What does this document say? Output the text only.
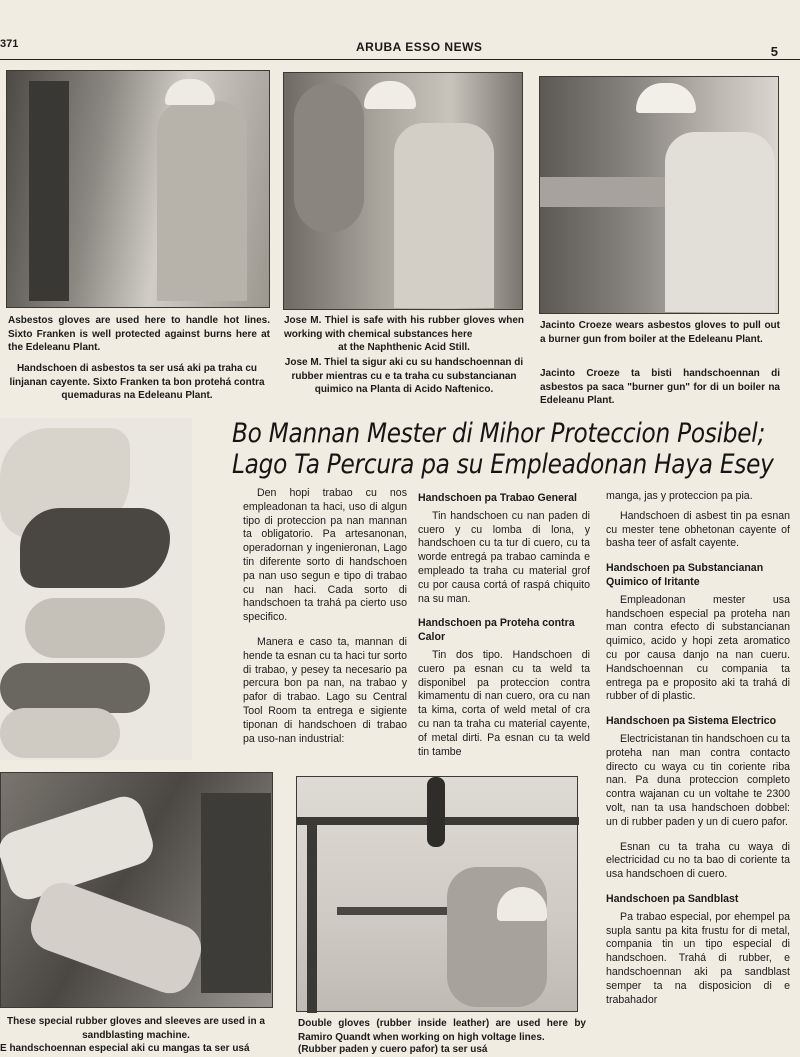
371	ARUBA ESSO NEWS	5
Asbestos gloves are used here to handle hot lines. Sixto Franken is well protected against burns here at the Edeleanu Plant.
Handschoen di asbestos ta ser usá aki pa traha cu linjanan cayente. Sixto Franken ta bon protehá contra quemaduras na Edeleanu Plant.
Jose M. Thiel is safe with his rubber gloves when working with chemical substances here
at the Naphthenic Acid Still.
Jose M. Thiel ta sigur aki cu su handschoennan di rubber mientras cu e ta traha cu substancianan quimico na Planta di Acido Naftenico.
Jacinto Croeze wears asbestos gloves to pull out a burner gun from boiler at the Edeleanu Plant.
Jacinto Croeze ta bisti handschoennan di asbestos pa saca "burner gun" for di un boiler na Edeleanu Plant.
Bo Mannan Mester di Mihor Proteccion Posibel;
Lago Ta Percura pa su Empleadonan Haya Esey

Den hopi trabao cu nos empleadonan ta haci, uso di algun tipo di proteccion pa nan mannan ta obligatorio. Pa artesanonan, operadornan y ingenieronan, Lago tin diferente sorto di handschoen pa nan uso segun e tipo di trabao cu nan haci. Cada sorto di handschoen ta trahá pa cierto uso specifico.

Manera e caso ta, mannan di hende ta esnan cu ta haci tur sorto di trabao, y pesey ta necesario pa percura bon pa nan, na trabao y pafor di trabao. Lago su Central Tool Room ta entrega e sigiente tiponan di handschoen di trabao pa uso-nan industrial:

Handschoen pa Trabao General

Tin handschoen cu nan paden di cuero y cu lomba di lona, y handschoen cu ta tur di cuero, cu ta worde entregá pa trabao caminda e empleado ta traha cu material grof cu por causa cortá of raspá chiquito na su man.

Handschoen pa Proteha contra Calor

Tin dos tipo. Handschoen di cuero pa esnan cu ta weld ta disponibel pa proteccion contra kimamentu di nan cuero, ora cu nan ta kima, corta of weld metal of cra cu nan ta traha cu material cayente, of metal dirti. Pa esnan cu ta weld tin tambe

manga, jas y proteccion pa pia.

Handschoen di asbest tin pa esnan cu mester tene obhetonan cayente of basha teer of asfalt cayente.

Handschoen pa Substancianan Quimico of Iritante

Empleadonan mester usa handschoen especial pa proteha nan man contra efecto di substancianan quimico, acido y hopi zeta aromatico cu por causa danjo na nan cueru. Handschoennan cu compania ta entrega pa e proposito aki ta trahá di rubber of di plastic.

Handschoen pa Sistema Electrico

Electricistanan tin handschoen cu ta proteha nan man contra contacto directo cu waya cu tin coriente riba nan. Pa duna proteccion completo contra wajanan cu un voltahe te 2300 volt, nan ta usa handschoen dobbel: un di rubber paden y un di cuero pafor.

Esnan cu ta traha cu waya di electricidad cu no ta bao di coriente ta usa handschoen di cuero.

Handschoen pa Sandblast

Pa trabao especial, por ehempel pa supla santu pa kita frustu for di metal, compania tin un tipo especial di handschoen. Trahá di rubber, e handschoennan aki pa sandblast semper ta na disposicion di e trabahador

These special rubber gloves and sleeves are used in a sandblasting machine.
E handschoennan especial aki cu mangas ta ser usá
Double gloves (rubber inside leather) are used here by Ramiro Quandt when working on high voltage lines.
(Rubber paden y cuero pafor) ta ser usá
